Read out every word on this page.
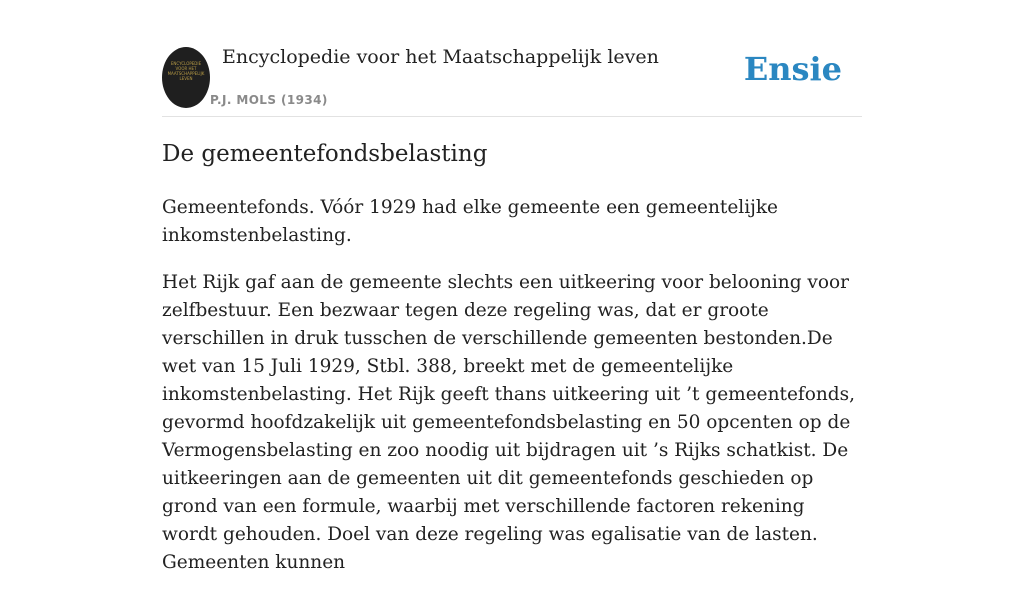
ENCYCLOPEDIE VOOR HET MAATSCHAPPELIJK LEVEN
Encyclopedie voor het Maatschappelijk leven
P.J. MOLS (1934)
Ensie
De gemeentefondsbelasting

Gemeentefonds. Vóór 1929 had elke gemeente een gemeentelijke inkomstenbelasting.

Het Rijk gaf aan de gemeente slechts een uitkeering voor belooning voor zelfbestuur. Een bezwaar tegen deze regeling was, dat er groote verschillen in druk tusschen de verschillende gemeenten bestonden.De wet van 15 Juli 1929, Stbl. 388, breekt met de gemeentelijke inkomstenbelasting. Het Rijk geeft thans uitkeering uit ’t gemeentefonds, gevormd hoofdzakelijk uit gemeentefondsbelasting en 50 opcenten op de Vermogensbelasting en zoo noodig uit bijdragen uit ’s Rijks schatkist. De uitkeeringen aan de gemeenten uit dit gemeentefonds geschieden op grond van een formule, waarbij met verschillende factoren rekening wordt gehouden. Doel van deze regeling was egalisatie van de lasten. Gemeenten kunnen
